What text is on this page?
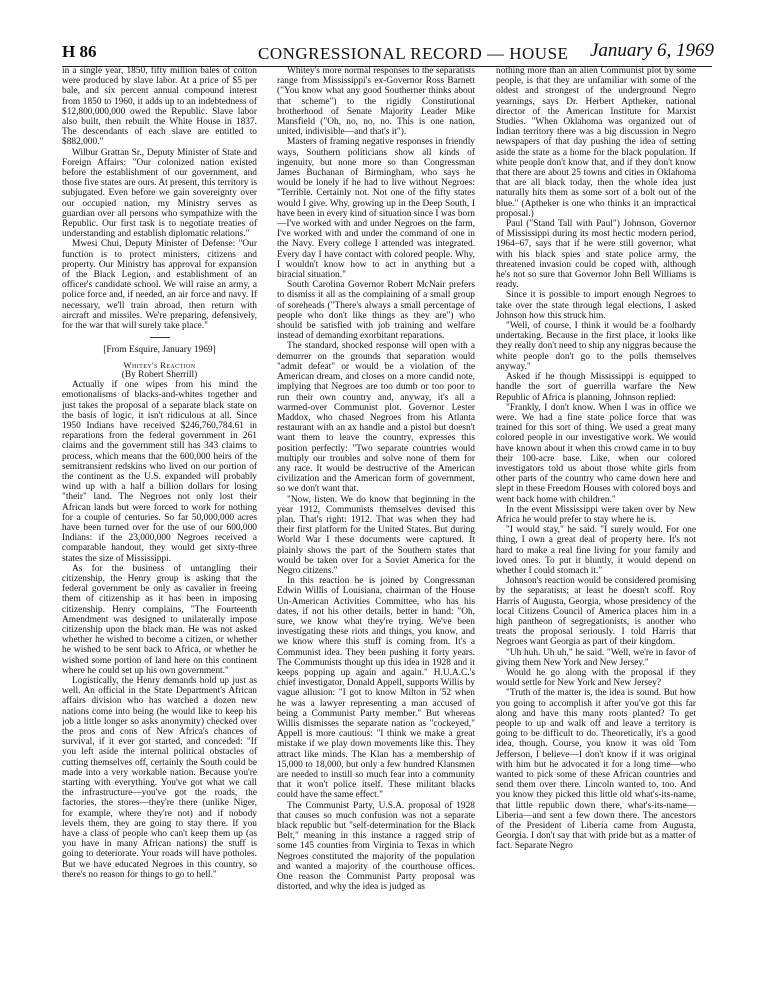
H 86	CONGRESSIONAL RECORD — HOUSE January 6, 1969

in a single year, 1850, fifty million bales of cotton were produced by slave labor. At a price of $5 per bale, and six percent annual compound interest from 1850 to 1960, it adds up to an indebtedness of $12,800,000,000 owed the Republic. Slave labor also built, then rebuilt the White House in 1837. The descendants of each slave are entitled to $882,000."

Wilbur Grattan Sr., Deputy Minister of State and Foreign Affairs: "Our colonized nation existed before the establishment of our government, and those five states are ours. At present, this territory is subjugated. Even before we gain sovereignty over our occupied nation, my Ministry serves as guardian over all persons who sympathize with the Republic. Our first task is to negotiate treaties of understanding and establish diplomatic relations."

Mwesi Chui, Deputy Minister of Defense: "Our function is to protect ministers, citizens and property. Our Ministry has approval for expansion of the Black Legion, and establishment of an officer's candidate school. We will raise an army, a police force and, if needed, an air force and navy. If necessary, we'll train abroad, then return with aircraft and missiles. We're preparing, defensively, for the war that will surely take place."

[From Esquire, January 1969]

Whitey's Reaction

(By Robert Sherrill)

Actually if one wipes from his mind the emotionalisms of blacks-and-whites together and just takes the proposal of a separate black state on the basis of logic, it isn't ridiculous at all. Since 1950 Indians have received $246,760,784.61 in reparations from the federal government in 261 claims and the government still has 343 claims to process, which means that the 600,000 heirs of the semitransient redskins who lived on our portion of the continent as the U.S. expanded will probably wind up with a half a billion dollars for losing "their" land. The Negroes not only lost their African lands but were forced to work for nothing for a couple of centuries. So far 50,000,000 acres have been turned over for the use of our 600,000 Indians: if the 23,000,000 Negroes received a comparable handout, they would get sixty-three states the size of Mississippi.

As for the business of untangling their citizenship, the Henry group is asking that the federal government be only as cavalier in freeing them of citizenship as it has been in imposing citizenship. Henry complains, "The Fourteenth Amendment was designed to unilaterally impose citizenship upon the black man. He was not asked whether he wished to become a citizen, or whether he wished to be sent back to Africa, or whether he wished some portion of land here on this continent where he could set up his own government."

Logistically, the Henry demands hold up just as well. An official in the State Department's African affairs division who has watched a dozen new nations come into being (he would like to keep his job a little longer so asks anonymity) checked over the pros and cons of New Africa's chances of survival, if it ever got started, and conceded: "If you left aside the internal political obstacles of cutting themselves off, certainly the South could be made into a very workable nation. Because you're starting with everything. You've got what we call the infrastructure—you've got the roads, the factories, the stores—they're there (unlike Niger, for example, where they're not) and if nobody levels them, they are going to stay there. If you have a class of people who can't keep them up (as you have in many African nations) the stuff is going to deteriorate. Your roads will have potholes. But we have educated Negroes in this country, so there's no reason for things to go to hell."

Whitey's more normal responses to the separatists range from Mississippi's ex-Governor Ross Barnett ("You know what any good Southerner thinks about that scheme") to the rigidly Constitutional brotherhood of Senate Majority Leader Mike Mansfield ("Oh, no, no, no. This is one nation, united, indivisible—and that's it").

Masters of framing negative responses in friendly ways, Southern politicians show all kinds of ingenuity, but none more so than Congressman James Buchanan of Birmingham, who says he would be lonely if he had to live without Negroes: "Terrible. Certainly not. Not one of the fifty states would I give. Why, growing up in the Deep South, I have been in every kind of situation since I was born—I've worked with and under Negroes on the farm, I've worked with and under the command of one in the Navy. Every college I attended was integrated. Every day I have contact with colored people. Why, I wouldn't know how to act in anything but a biracial situation."

South Carolina Governor Robert McNair prefers to dismiss it all as the complaining of a small group of soreheads ("There's always a small percentage of people who don't like things as they are") who should be satisfied with job training and welfare instead of demanding exorbitant reparations.

The standard, shocked response will open with a demurrer on the grounds that separation would "admit defeat" or would be a violation of the American dream, and closes on a more candid note, implying that Negroes are too dumb or too poor to run their own country and, anyway, it's all a warmed-over Communist plot. Governor Lester Maddox, who chased Negroes from his Atlanta restaurant with an ax handle and a pistol but doesn't want them to leave the country, expresses this position perfectly: "Two separate countries would multiply our troubles and solve none of them for any race. It would be destructive of the American civilization and the American form of government, so we don't want that.

"Now, listen. We do know that beginning in the year 1912, Communists themselves devised this plan. That's right: 1912. That was when they had their first platform for the United States. But during World War I these documents were captured. It plainly shows the part of the Southern states that would be taken over for a Soviet America for the Negro citizens."

In this reaction he is joined by Congressman Edwin Willis of Louisiana, chairman of the House Un-American Activities Committee, who has his dates, if not his other details, better in hand: "Oh, sure, we know what they're trying. We've been investigating these riots and things, you know, and we know where this stuff is coming from. It's a Communist idea. They been pushing it forty years. The Communists thought up this idea in 1928 and it keeps popping up again and again." H.U.A.C.'s chief investigator, Donald Appell, supports Willis by vague allusion: "I got to know Milton in '52 when he was a lawyer representing a man accused of being a Communist Party member." But whereas Willis dismisses the separate nation as "cockeyed," Appell is more cautious: "I think we make a great mistake if we play down movements like this. They attract like minds. The Klan has a membership of 15,000 to 18,000, but only a few hundred Klansmen are needed to instill so much fear into a community that it won't police itself. These militant blacks could have the same effect."

The Communist Party, U.S.A. proposal of 1928 that causes so much confusion was not a separate black republic but "self-determination for the Black Belt," meaning in this instance a ragged strip of some 145 counties from Virginia to Texas in which Negroes constituted the majority of the population and wanted a majority of the courthouse offices. One reason the Communist Party proposal was distorted, and why the idea is judged as

nothing more than an alien Communist plot by some people, is that they are unfamiliar with some of the oldest and strongest of the underground Negro yearnings, says Dr. Herbert Aptheker, national director of the American Institute for Marxist Studies. "When Oklahoma was organized out of Indian territory there was a big discussion in Negro newspapers of that day pushing the idea of setting aside the state as a home for the black population. If white people don't know that, and if they don't know that there are about 25 towns and cities in Oklahoma that are all black today, then the whole idea just naturally hits them as some sort of a bolt out of the blue." (Aptheker is one who thinks it an impractical proposal.)

Paul ("Stand Tall with Paul") Johnson, Governor of Mississippi during its most hectic modern period, 1964–67, says that if he were still governor, what with his black spies and state police army, the threatened invasion could be coped with, although he's not so sure that Governor John Bell Williams is ready.

Since it is possible to import enough Negroes to take over the state through legal elections, I asked Johnson how this struck him.

"Well, of course, I think it would be a foolhardy undertaking. Because in the first place, it looks like they really don't need to ship any niggras because the white people don't go to the polls themselves anyway."

Asked if he though Mississippi is equipped to handle the sort of guerrilla warfare the New Republic of Africa is planning, Johnson replied:

"Frankly, I don't know. When I was in office we were. We had a fine state police force that was trained for this sort of thing. We used a great many colored people in our investigative work. We would have known about it when this crowd came in to buy their 100-acre base. Like, when our colored investigators told us about those white girls from other parts of the country who came down here and slept in these Freedom Houses with colored boys and went back home with children."

In the event Mississippi were taken over by New Africa he would prefer to stay where he is.

"I would stay," he said. "I surely would. For one thing, I own a great deal of property here. It's not hard to make a real fine living for your family and loved ones. To put it bluntly, it would depend on whether I could stomach it."

Johnson's reaction would be considered promising by the separatists; at least he doesn't scoff. Roy Harris of Augusta, Georgia, whose presidency of the local Citizens Council of America places him in a high pantheon of segregationists, is another who treats the proposal seriously. I told Harris that Negroes want Georgia as part of their kingdom.

"Uh huh. Uh uh," he said. "Well, we're in favor of giving them New York and New Jersey."

Would he go along with the proposal if they would settle for New York and New Jersey?

"Truth of the matter is, the idea is sound. But how you going to accomplish it after you've got this far along and have this many roots planted? To get people to up and walk off and leave a territory is going to be difficult to do. Theoretically, it's a good idea, though. Course, you know it was old Tom Jefferson, I believe—I don't know if it was original with him but he advocated it for a long time—who wanted to pick some of these African countries and send them over there. Lincoln wanted to, too. And you know they picked this little old what's-its-name, that little republic down there, what's-its-name—Liberia—and sent a few down there. The ancestors of the President of Liberia came from Augusta, Georgia. I don't say that with pride but as a matter of fact. Separate Negro
